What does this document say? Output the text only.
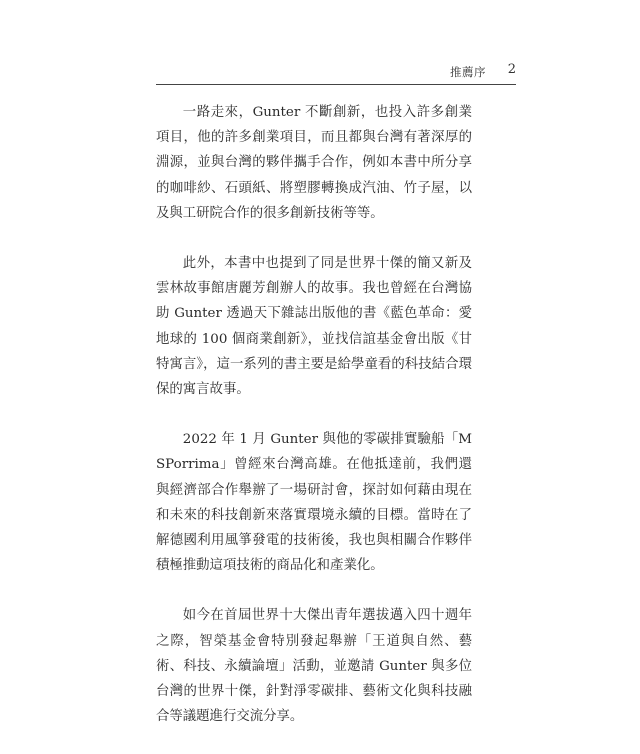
推薦序 2

一路走來，Gunter 不斷創新，也投入許多創業項目，他的許多創業項目，而且都與台灣有著深厚的淵源，並與台灣的夥伴攜手合作，例如本書中所分享的咖啡紗、石頭紙、將塑膠轉換成汽油、竹子屋，以及與工研院合作的很多創新技術等等。

此外，本書中也提到了同是世界十傑的簡又新及雲林故事館唐麗芳創辦人的故事。我也曾經在台灣協助 Gunter 透過天下雜誌出版他的書《藍色革命：愛地球的 100 個商業創新》，並找信誼基金會出版《甘特寓言》，這一系列的書主要是給學童看的科技結合環保的寓言故事。

2022 年 1 月 Gunter 與他的零碳排實驗船「MSPorrima」曾經來台灣高雄。在他抵達前，我們還與經濟部合作舉辦了一場研討會，探討如何藉由現在和未來的科技創新來落實環境永續的目標。當時在了解德國利用風箏發電的技術後，我也與相關合作夥伴積極推動這項技術的商品化和產業化。

如今在首屆世界十大傑出青年選拔邁入四十週年之際，智榮基金會特別發起舉辦「王道與自然、藝術、科技、永續論壇」活動，並邀請 Gunter 與多位台灣的世界十傑，針對淨零碳排、藝術文化與科技融合等議題進行交流分享。
